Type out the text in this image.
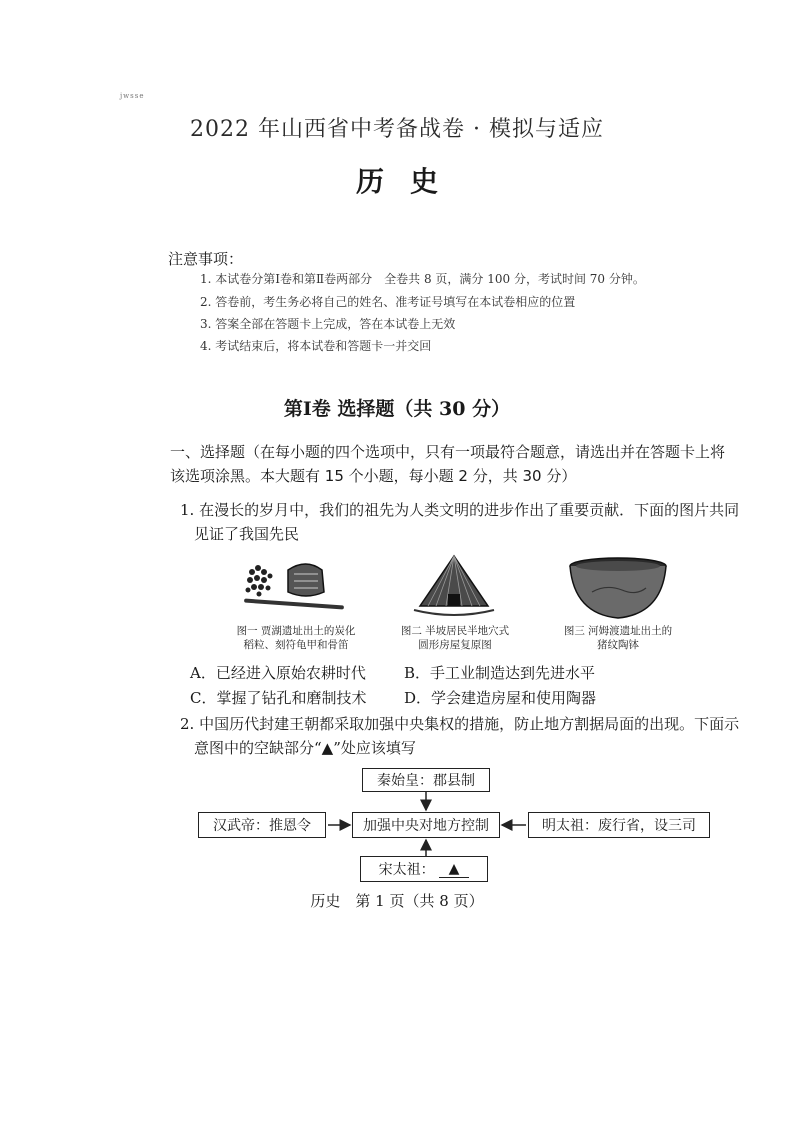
jwsse
2022 年山西省中考备战卷 · 模拟与适应
历史
注意事项：
1. 本试卷分第Ⅰ卷和第Ⅱ卷两部分　全卷共 8 页，满分 100 分，考试时间 70 分钟。
2. 答卷前，考生务必将自己的姓名、准考证号填写在本试卷相应的位置
3. 答案全部在答题卡上完成，答在本试卷上无效
4. 考试结束后，将本试卷和答题卡一并交回
第Ⅰ卷 选择题（共 30 分）
一、选择题（在每小题的四个选项中，只有一项最符合题意，请选出并在答题卡上将该选项涂黑。本大题有 15 个小题，每小题 2 分，共 30 分）
1. 在漫长的岁月中，我们的祖先为人类文明的进步作出了重要贡献．下面的图片共同
见证了我国先民
图一 贾湖遗址出土的炭化稻粒、刻符龟甲和骨笛
图二 半坡居民半地穴式圆形房屋复原图
图三 河姆渡遗址出土的猪纹陶钵
A．已经进入原始农耕时代	B．手工业制造达到先进水平
C．掌握了钻孔和磨制技术	D．学会建造房屋和使用陶器
2. 中国历代封建王朝都采取加强中央集权的措施，防止地方割据局面的出现。下面示
意图中的空缺部分“▲”处应该填写
秦始皇：郡县制
汉武帝：推恩令	加强中央对地方控制	明太祖：废行省，设三司
宋太祖：	▲
历史　第 1 页（共 8 页）
